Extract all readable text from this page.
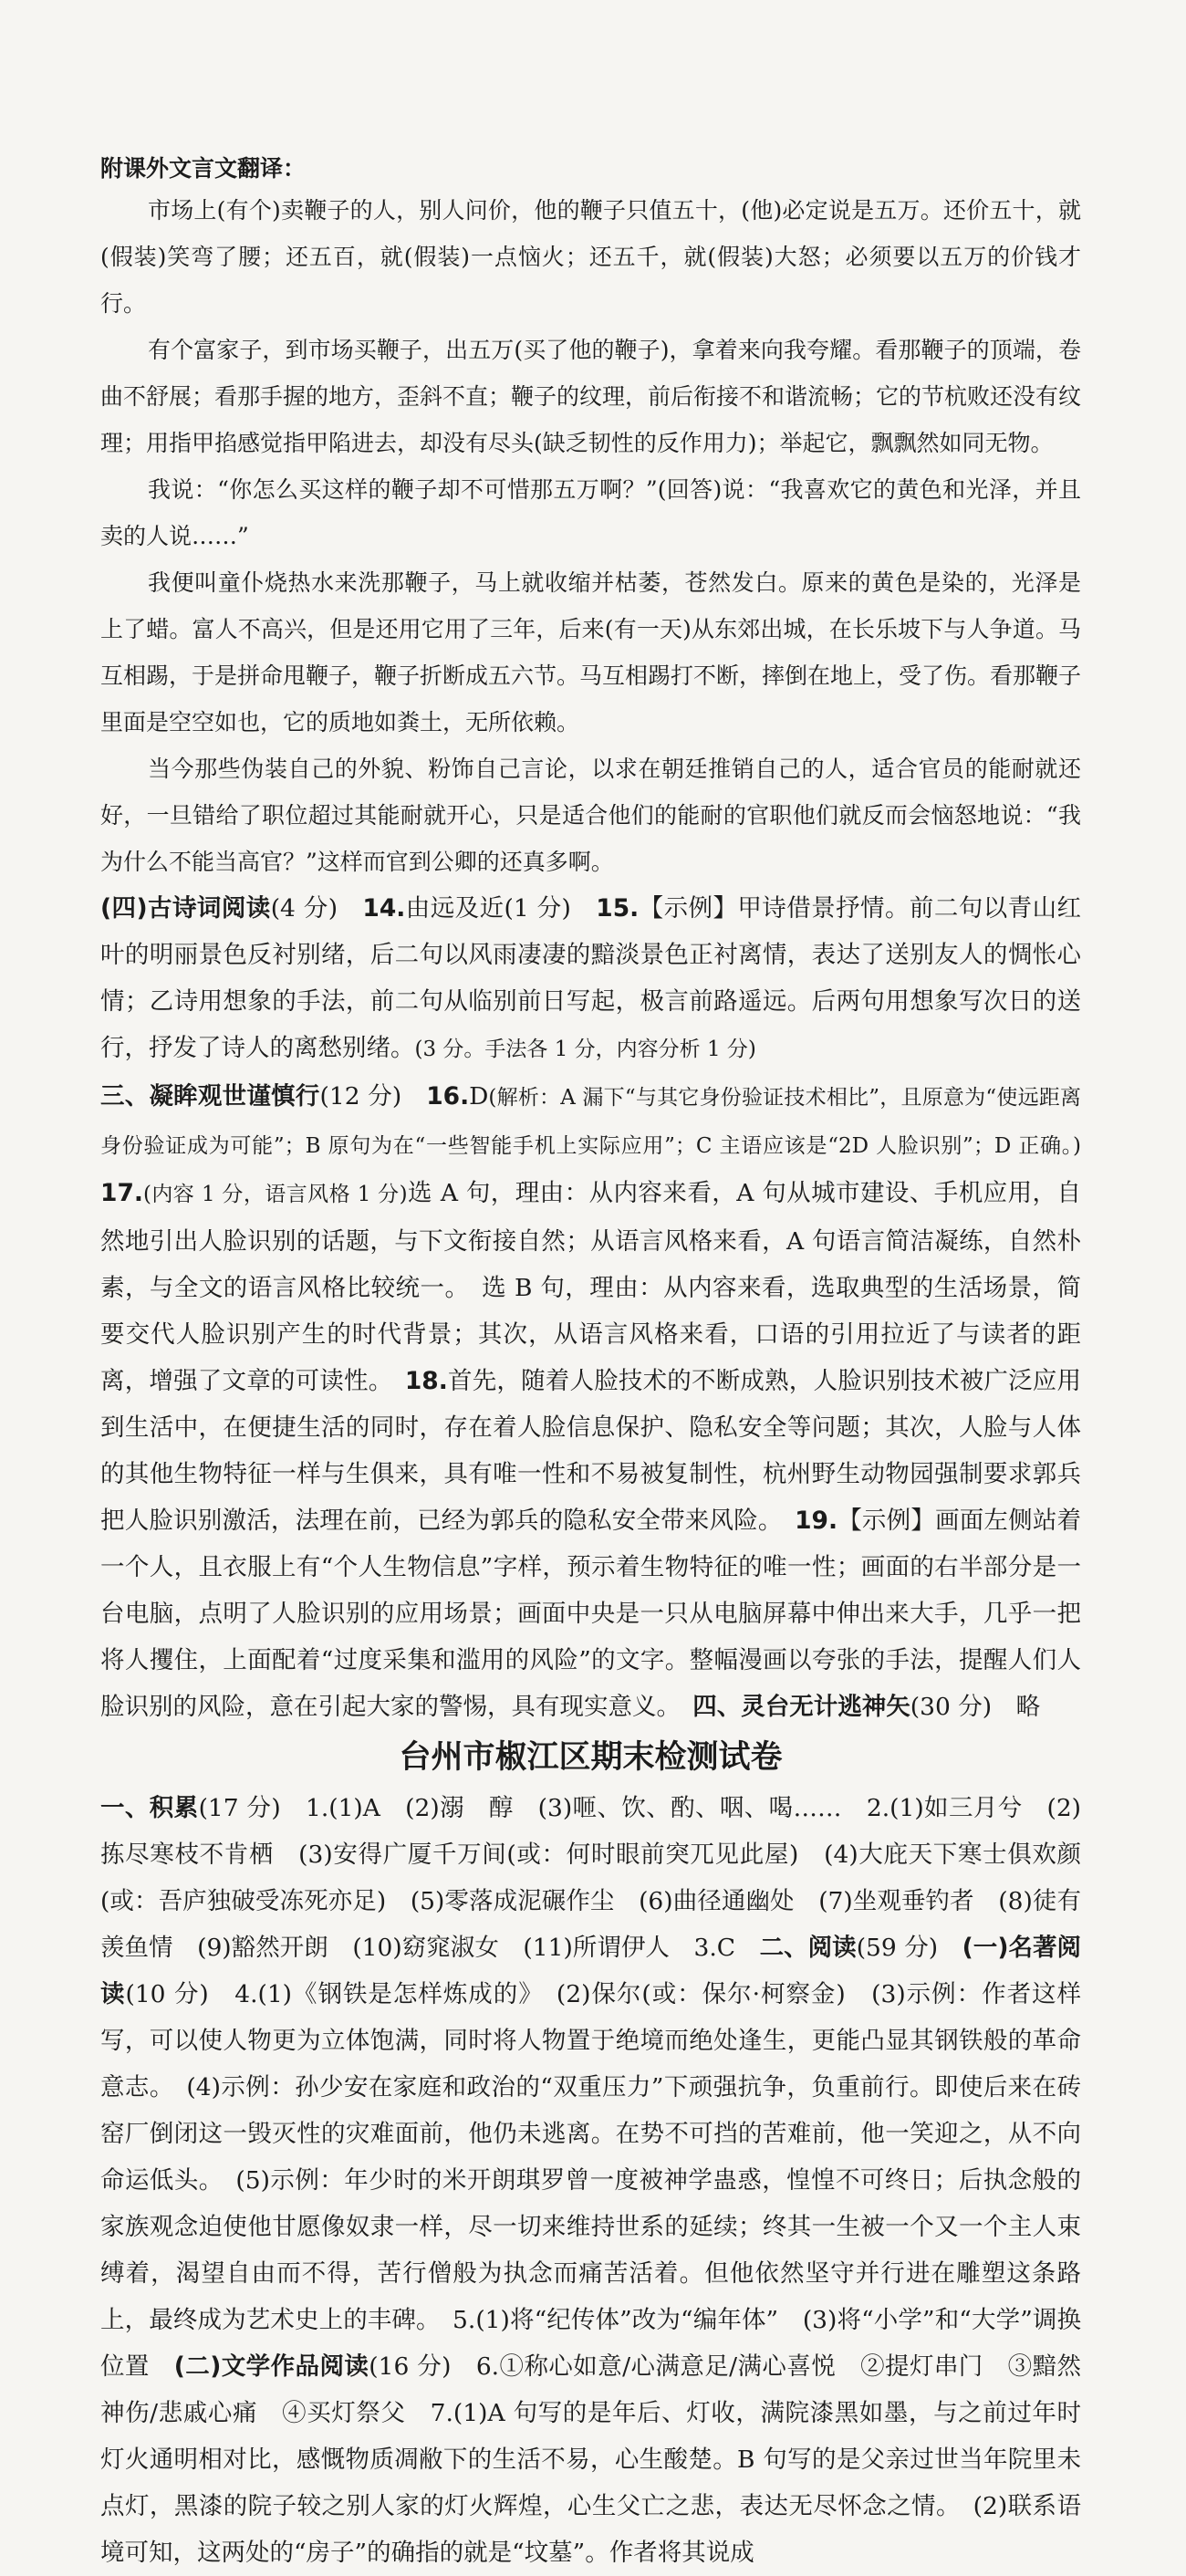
附课外文言文翻译：

市场上(有个)卖鞭子的人，别人问价，他的鞭子只值五十，(他)必定说是五万。还价五十，就(假装)笑弯了腰；还五百，就(假装)一点恼火；还五千，就(假装)大怒；必须要以五万的价钱才行。

有个富家子，到市场买鞭子，出五万(买了他的鞭子)，拿着来向我夸耀。看那鞭子的顶端，卷曲不舒展；看那手握的地方，歪斜不直；鞭子的纹理，前后衔接不和谐流畅；它的节杭败还没有纹理；用指甲掐感觉指甲陷进去，却没有尽头(缺乏韧性的反作用力)；举起它，飘飘然如同无物。

我说：“你怎么买这样的鞭子却不可惜那五万啊？”(回答)说：“我喜欢它的黄色和光泽，并且卖的人说……”

我便叫童仆烧热水来洗那鞭子，马上就收缩并枯萎，苍然发白。原来的黄色是染的，光泽是上了蜡。富人不高兴，但是还用它用了三年，后来(有一天)从东郊出城，在长乐坡下与人争道。马互相踢，于是拼命甩鞭子，鞭子折断成五六节。马互相踢打不断，摔倒在地上，受了伤。看那鞭子里面是空空如也，它的质地如粪土，无所依赖。

当今那些伪装自己的外貌、粉饰自己言论，以求在朝廷推销自己的人，适合官员的能耐就还好，一旦错给了职位超过其能耐就开心，只是适合他们的能耐的官职他们就反而会恼怒地说：“我为什么不能当高官？”这样而官到公卿的还真多啊。

(四)古诗词阅读(4 分)　 14.由远及近(1 分)　 15.【示例】甲诗借景抒情。前二句以青山红叶的明丽景色反衬别绪，后二句以风雨凄凄的黯淡景色正衬离情，表达了送别友人的惆怅心情；乙诗用想象的手法，前二句从临别前日写起，极言前路遥远。后两句用想象写次日的送行，抒发了诗人的离愁别绪。(3 分。手法各 1 分，内容分析 1 分)

三、凝眸观世谨慎行(12 分)　 16.D(解析：A 漏下“与其它身份验证技术相比”，且原意为“使远距离身份验证成为可能”；B 原句为在“一些智能手机上实际应用”；C 主语应该是“2D 人脸识别”；D 正确。)　17.(内容 1 分，语言风格 1 分)选 A 句，理由：从内容来看，A 句从城市建设、手机应用，自然地引出人脸识别的话题，与下文衔接自然；从语言风格来看，A 句语言简洁凝练，自然朴素，与全文的语言风格比较统一。　选 B 句，理由：从内容来看，选取典型的生活场景，简要交代人脸识别产生的时代背景；其次，从语言风格来看，口语的引用拉近了与读者的距离，增强了文章的可读性。　 18.首先，随着人脸技术的不断成熟，人脸识别技术被广泛应用到生活中，在便捷生活的同时，存在着人脸信息保护、隐私安全等问题；其次，人脸与人体的其他生物特征一样与生俱来，具有唯一性和不易被复制性，杭州野生动物园强制要求郭兵把人脸识别激活，法理在前，已经为郭兵的隐私安全带来风险。　 19.【示例】画面左侧站着一个人，且衣服上有“个人生物信息”字样，预示着生物特征的唯一性；画面的右半部分是一台电脑，点明了人脸识别的应用场景；画面中央是一只从电脑屏幕中伸出来大手，几乎一把将人攫住，上面配着“过度采集和滥用的风险”的文字。整幅漫画以夸张的手法，提醒人们人脸识别的风险，意在引起大家的警惕，具有现实意义。　 四、灵台无计逃神矢(30 分)　 略

台州市椒江区期末检测试卷

一、积累(17 分)　 1.(1)A　(2)溺　醇　(3)咂、饮、酌、咽、喝……　 2.(1)如三月兮　(2)拣尽寒枝不肯栖　(3)安得广厦千万间(或：何时眼前突兀见此屋)　(4)大庇天下寒士俱欢颜(或：吾庐独破受冻死亦足)　(5)零落成泥碾作尘　(6)曲径通幽处　(7)坐观垂钓者　(8)徒有羡鱼情　(9)豁然开朗　(10)窈窕淑女　(11)所谓伊人　 3.C　 二、阅读(59 分)　 (一)名著阅读(10 分)　 4.(1)《钢铁是怎样炼成的》　(2)保尔(或：保尔·柯察金)　(3)示例：作者这样写，可以使人物更为立体饱满，同时将人物置于绝境而绝处逢生，更能凸显其钢铁般的革命意志。　(4)示例：孙少安在家庭和政治的“双重压力”下顽强抗争，负重前行。即使后来在砖窑厂倒闭这一毁灭性的灾难面前，他仍未逃离。在势不可挡的苦难前，他一笑迎之，从不向命运低头。　(5)示例：年少时的米开朗琪罗曾一度被神学蛊惑，惶惶不可终日；后执念般的家族观念迫使他甘愿像奴隶一样，尽一切来维持世系的延续；终其一生被一个又一个主人束缚着，渴望自由而不得，苦行僧般为执念而痛苦活着。但他依然坚守并行进在雕塑这条路上，最终成为艺术史上的丰碑。　 5.(1)将“纪传体”改为“编年体”　(3)将“小学”和“大学”调换位置　 (二)文学作品阅读(16 分)　 6.①称心如意/心满意足/满心喜悦　②提灯串门　③黯然神伤/悲戚心痛　④买灯祭父　 7.(1)A 句写的是年后、灯收，满院漆黑如墨，与之前过年时灯火通明相对比，感慨物质凋敝下的生活不易，心生酸楚。B 句写的是父亲过世当年院里未点灯，黑漆的院子较之别人家的灯火辉煌，心生父亡之悲，表达无尽怀念之情。　(2)联系语境可知，这两处的“房子”的确指的就是“坟墓”。作者将其说成
